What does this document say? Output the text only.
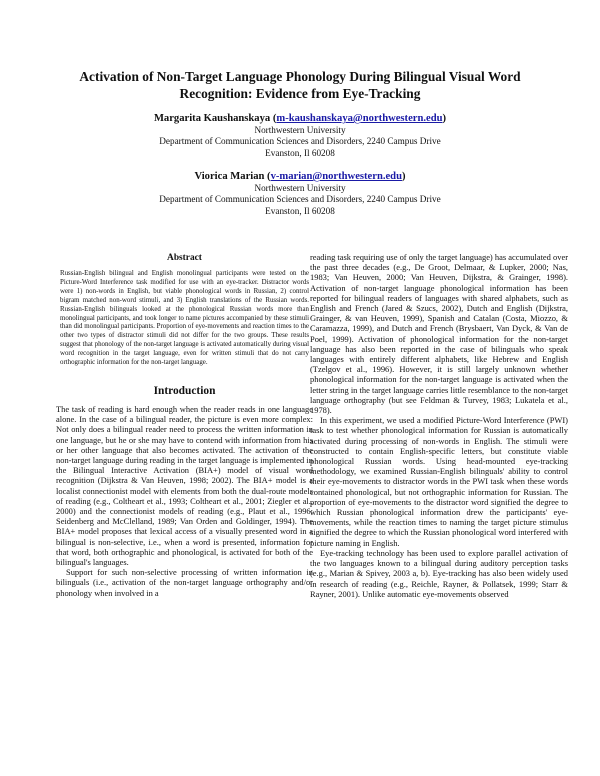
Activation of Non-Target Language Phonology During Bilingual Visual Word Recognition: Evidence from Eye-Tracking
Margarita Kaushanskaya (m-kaushanskaya@northwestern.edu)
Northwestern University
Department of Communication Sciences and Disorders, 2240 Campus Drive
Evanston, Il 60208
Viorica Marian (v-marian@northwestern.edu)
Northwestern University
Department of Communication Sciences and Disorders, 2240 Campus Drive
Evanston, Il 60208
Abstract

Russian-English bilingual and English monolingual participants were tested on the Picture-Word Interference task modified for use with an eye-tracker. Distractor words were 1) non-words in English, but viable phonological words in Russian, 2) control bigram matched non-word stimuli, and 3) English translations of the Russian words. Russian-English bilinguals looked at the phonological Russian words more than monolingual participants, and took longer to name pictures accompanied by these stimuli than did monolingual participants. Proportion of eye-movements and reaction times to the other two types of distractor stimuli did not differ for the two groups. These results suggest that phonology of the non-target language is activated automatically during visual word recognition in the target language, even for written stimuli that do not carry orthographic information for the non-target language.

Introduction

The task of reading is hard enough when the reader reads in one language alone. In the case of a bilingual reader, the picture is even more complex: Not only does a bilingual reader need to process the written information in one language, but he or she may have to contend with information from his or her other language that also becomes activated. The activation of the non-target language during reading in the target language is implemented in the Bilingual Interactive Activation (BIA+) model of visual word recognition (Dijkstra & Van Heuven, 1998; 2002). The BIA+ model is a localist connectionist model with elements from both the dual-route models of reading (e.g., Coltheart et al., 1993; Coltheart et al., 2001; Ziegler et al., 2000) and the connectionist models of reading (e.g., Plaut et al., 1996; Seidenberg and McClelland, 1989; Van Orden and Goldinger, 1994). The BIA+ model proposes that lexical access of a visually presented word in a bilingual is non-selective, i.e., when a word is presented, information for that word, both orthographic and phonological, is activated for both of the bilingual's languages.

Support for such non-selective processing of written information in bilinguals (i.e., activation of the non-target language orthography and/or phonology when involved in a

reading task requiring use of only the target language) has accumulated over the past three decades (e.g., De Groot, Delmaar, & Lupker, 2000; Nas, 1983; Van Heuven, 2000; Van Heuven, Dijkstra, & Grainger, 1998). Activation of non-target language phonological information has been reported for bilingual readers of languages with shared alphabets, such as English and French (Jared & Szucs, 2002), Dutch and English (Dijkstra, Grainger, & van Heuven, 1999), Spanish and Catalan (Costa, Miozzo, & Caramazza, 1999), and Dutch and French (Brysbaert, Van Dyck, & Van de Poel, 1999). Activation of phonological information for the non-target language has also been reported in the case of bilinguals who speak languages with entirely different alphabets, like Hebrew and English (Tzelgov et al., 1996). However, it is still largely unknown whether phonological information for the non-target language is activated when the letter string in the target language carries little resemblance to the non-target language orthography (but see Feldman & Turvey, 1983; Lukatela et al., 1978).

In this experiment, we used a modified Picture-Word Interference (PWI) task to test whether phonological information for Russian is automatically activated during processing of non-words in English. The stimuli were constructed to contain English-specific letters, but constitute viable phonological Russian words. Using head-mounted eye-tracking methodology, we examined Russian-English bilinguals' ability to control their eye-movements to distractor words in the PWI task when these words contained phonological, but not orthographic information for Russian. The proportion of eye-movements to the distractor word signified the degree to which Russian phonological information drew the participants' eye-movements, while the reaction times to naming the target picture stimulus signified the degree to which the Russian phonological word interfered with picture naming in English.

Eye-tracking technology has been used to explore parallel activation of the two languages known to a bilingual during auditory perception tasks (e.g., Marian & Spivey, 2003 a, b). Eye-tracking has also been widely used in research of reading (e.g., Reichle, Rayner, & Pollatsek, 1999; Starr & Rayner, 2001). Unlike automatic eye-movements observed
